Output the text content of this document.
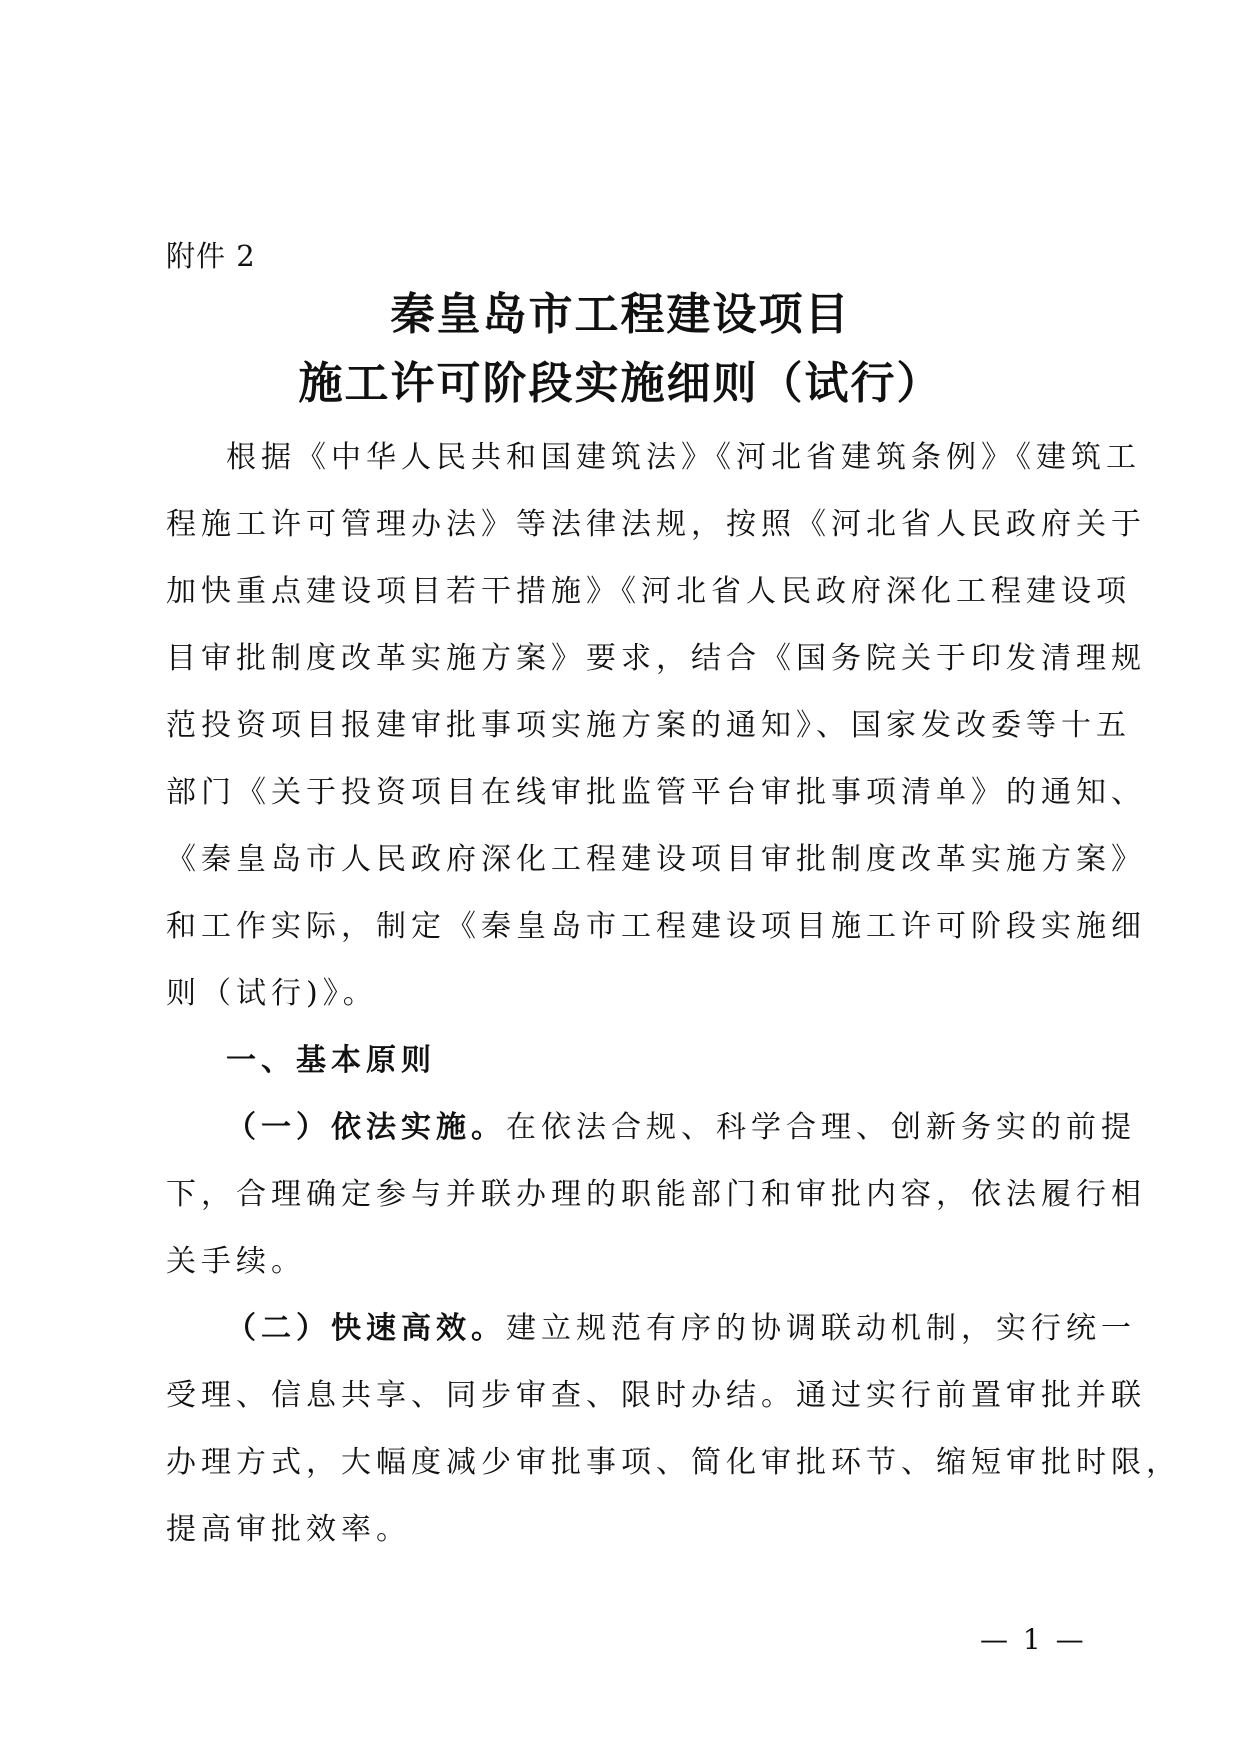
附件 2
秦皇岛市工程建设项目
施工许可阶段实施细则（试行）
根据《中华人民共和国建筑法》《河北省建筑条例》《建筑工
程施工许可管理办法》等法律法规，按照《河北省人民政府关于
加快重点建设项目若干措施》《河北省人民政府深化工程建设项
目审批制度改革实施方案》要求，结合《国务院关于印发清理规
范投资项目报建审批事项实施方案的通知》、国家发改委等十五
部门《关于投资项目在线审批监管平台审批事项清单》的通知、
《秦皇岛市人民政府深化工程建设项目审批制度改革实施方案》
和工作实际，制定《秦皇岛市工程建设项目施工许可阶段实施细
则（试行)》。
一、基本原则
（一）依法实施。在依法合规、科学合理、创新务实的前提
下，合理确定参与并联办理的职能部门和审批内容，依法履行相
关手续。
（二）快速高效。建立规范有序的协调联动机制，实行统一
受理、信息共享、同步审查、限时办结。通过实行前置审批并联
办理方式，大幅度减少审批事项、简化审批环节、缩短审批时限，
提高审批效率。
— 1 —
